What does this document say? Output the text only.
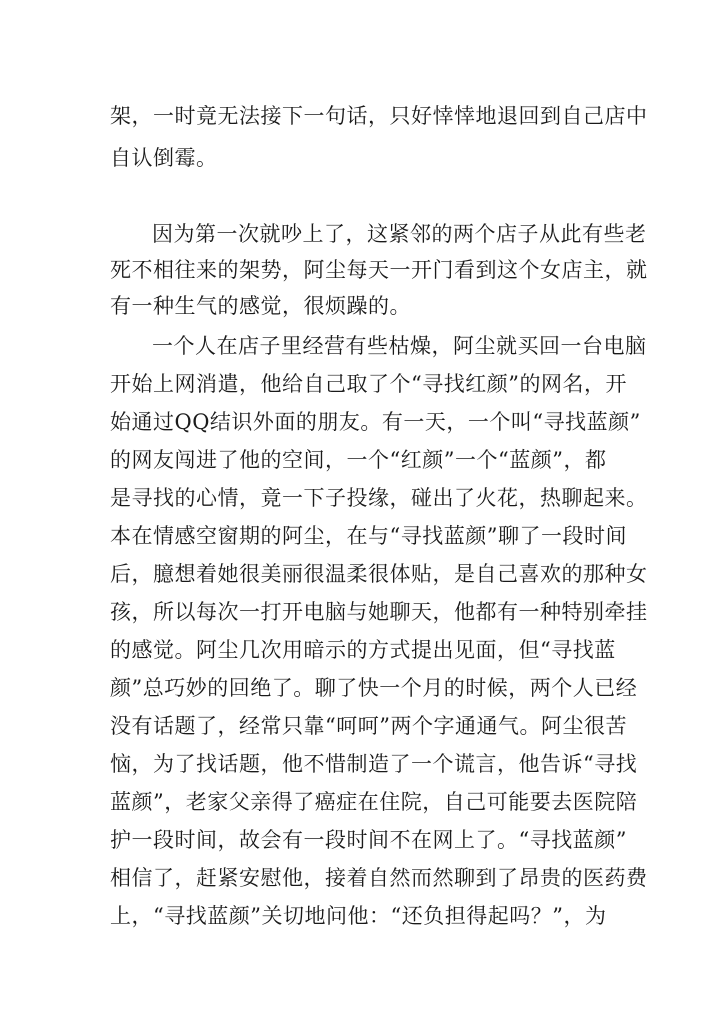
架，一时竟无法接下一句话，只好悻悻地退回到自己店中
自认倒霉。
因为第一次就吵上了，这紧邻的两个店子从此有些老
死不相往来的架势，阿尘每天一开门看到这个女店主，就
有一种生气的感觉，很烦躁的。
一个人在店子里经营有些枯燥，阿尘就买回一台电脑
开始上网消遣，他给自己取了个“寻找红颜”的网名，开
始通过QQ结识外面的朋友。有一天，一个叫“寻找蓝颜”
的网友闯进了他的空间，一个“红颜”一个“蓝颜”，都
是寻找的心情，竟一下子投缘，碰出了火花，热聊起来。
本在情感空窗期的阿尘，在与“寻找蓝颜”聊了一段时间
后，臆想着她很美丽很温柔很体贴，是自己喜欢的那种女
孩，所以每次一打开电脑与她聊天，他都有一种特别牵挂
的感觉。阿尘几次用暗示的方式提出见面，但“寻找蓝
颜”总巧妙的回绝了。聊了快一个月的时候，两个人已经
没有话题了，经常只靠“呵呵”两个字通通气。阿尘很苦
恼，为了找话题，他不惜制造了一个谎言，他告诉“寻找
蓝颜”，老家父亲得了癌症在住院，自己可能要去医院陪
护一段时间，故会有一段时间不在网上了。“寻找蓝颜”
相信了，赶紧安慰他，接着自然而然聊到了昂贵的医药费
上，“寻找蓝颜”关切地问他：“还负担得起吗？”，为
